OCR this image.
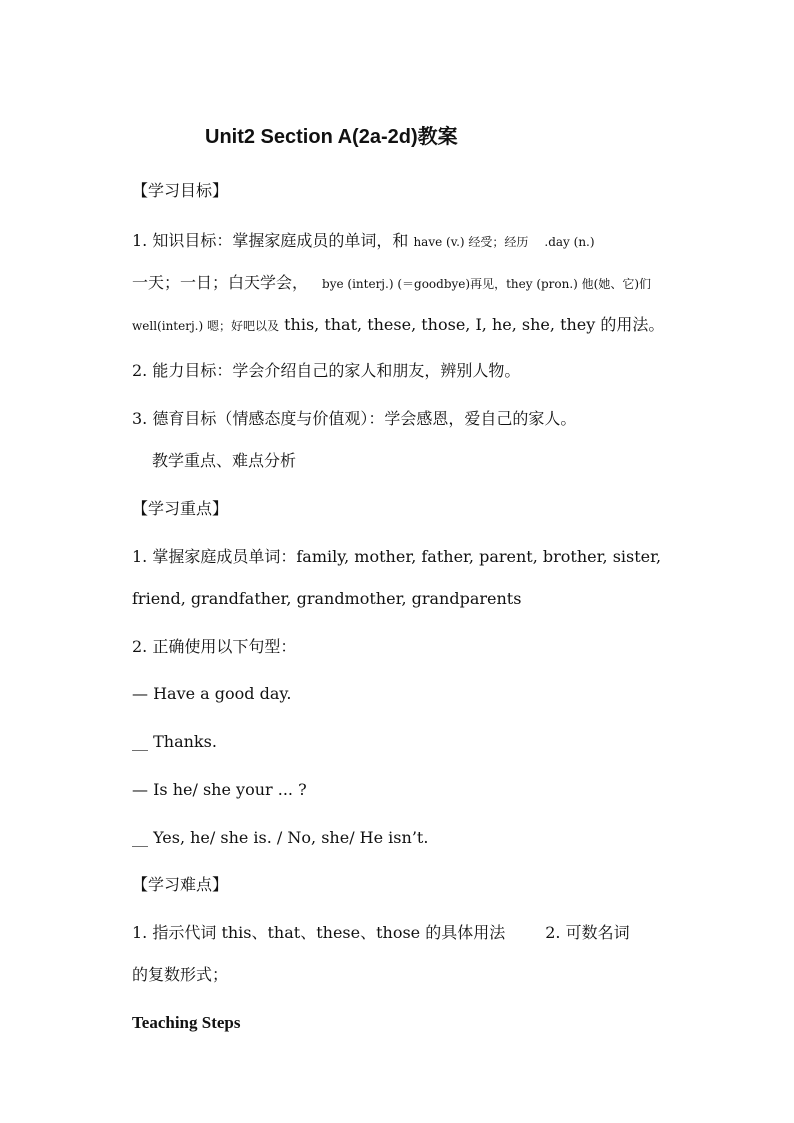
Unit2 Section A(2a-2d)教案
【学习目标】
1. 知识目标：掌握家庭成员的单词，和 have (v.) 经受；经历 .day (n.)
一天；一日；白天学会， bye (interj.) (＝goodbye)再见，they (pron.) 他(她、它)们
well(interj.) 嗯；好吧以及 this, that, these, those, I, he, she, they 的用法。
2. 能力目标：学会介绍自己的家人和朋友，辨别人物。
3. 德育目标（情感态度与价值观）：学会感恩，爱自己的家人。
教学重点、难点分析
【学习重点】
1. 掌握家庭成员单词：family, mother, father, parent, brother, sister,
friend, grandfather, grandmother, grandparents
2. 正确使用以下句型：
— Have a good day.
__ Thanks.
— Is he/ she your ... ?
__ Yes, he/ she is. / No, she/ He isn’t.
【学习难点】
1. 指示代词 this、that、these、those 的具体用法	2. 可数名词
的复数形式；
Teaching Steps
